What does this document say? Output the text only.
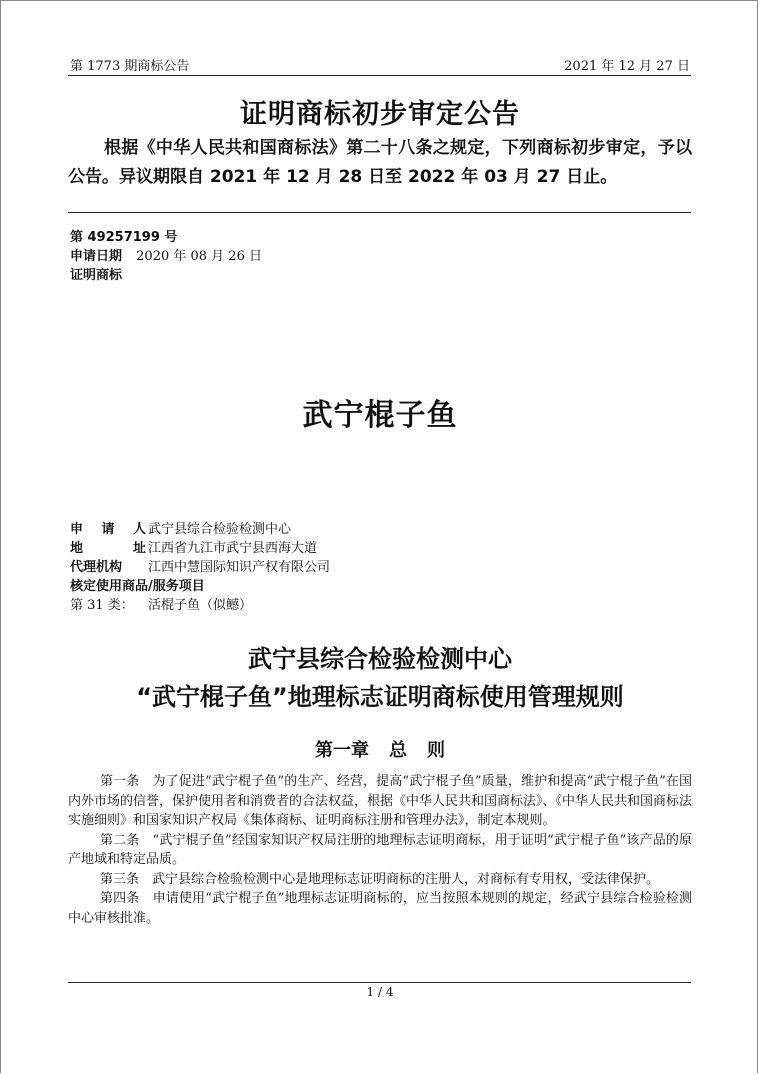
第 1773 期商标公告	2021 年 12 月 27 日
证明商标初步审定公告

根据《中华人民共和国商标法》第二十八条之规定，下列商标初步审定，予以公告。异议期限自 2021 年 12 月 28 日至 2022 年 03 月 27 日止。

第 49257199 号
申请日期 2020 年 08 月 26 日
证明商标
武宁棍子鱼
申 请 人 武宁县综合检验检测中心
地	址 江西省九江市武宁县西海大道
代理机构	江西中慧国际知识产权有限公司
核定使用商品/服务项目
第 31 类：	活棍子鱼（似鳡）
武宁县综合检验检测中心
“武宁棍子鱼”地理标志证明商标使用管理规则
第一章 总 则

第一条　为了促进“武宁棍子鱼”的生产、经营，提高“武宁棍子鱼”质量，维护和提高“武宁棍子鱼”在国内外市场的信誉，保护使用者和消费者的合法权益，根据《中华人民共和国商标法》、《中华人民共和国商标法实施细则》和国家知识产权局《集体商标、证明商标注册和管理办法》，制定本规则。

第二条　“武宁棍子鱼”经国家知识产权局注册的地理标志证明商标，用于证明“武宁棍子鱼”该产品的原产地域和特定品质。

第三条　武宁县综合检验检测中心是地理标志证明商标的注册人，对商标有专用权，受法律保护。

第四条　申请使用“武宁棍子鱼”地理标志证明商标的，应当按照本规则的规定，经武宁县综合检验检测中心审核批准。

1 / 4
